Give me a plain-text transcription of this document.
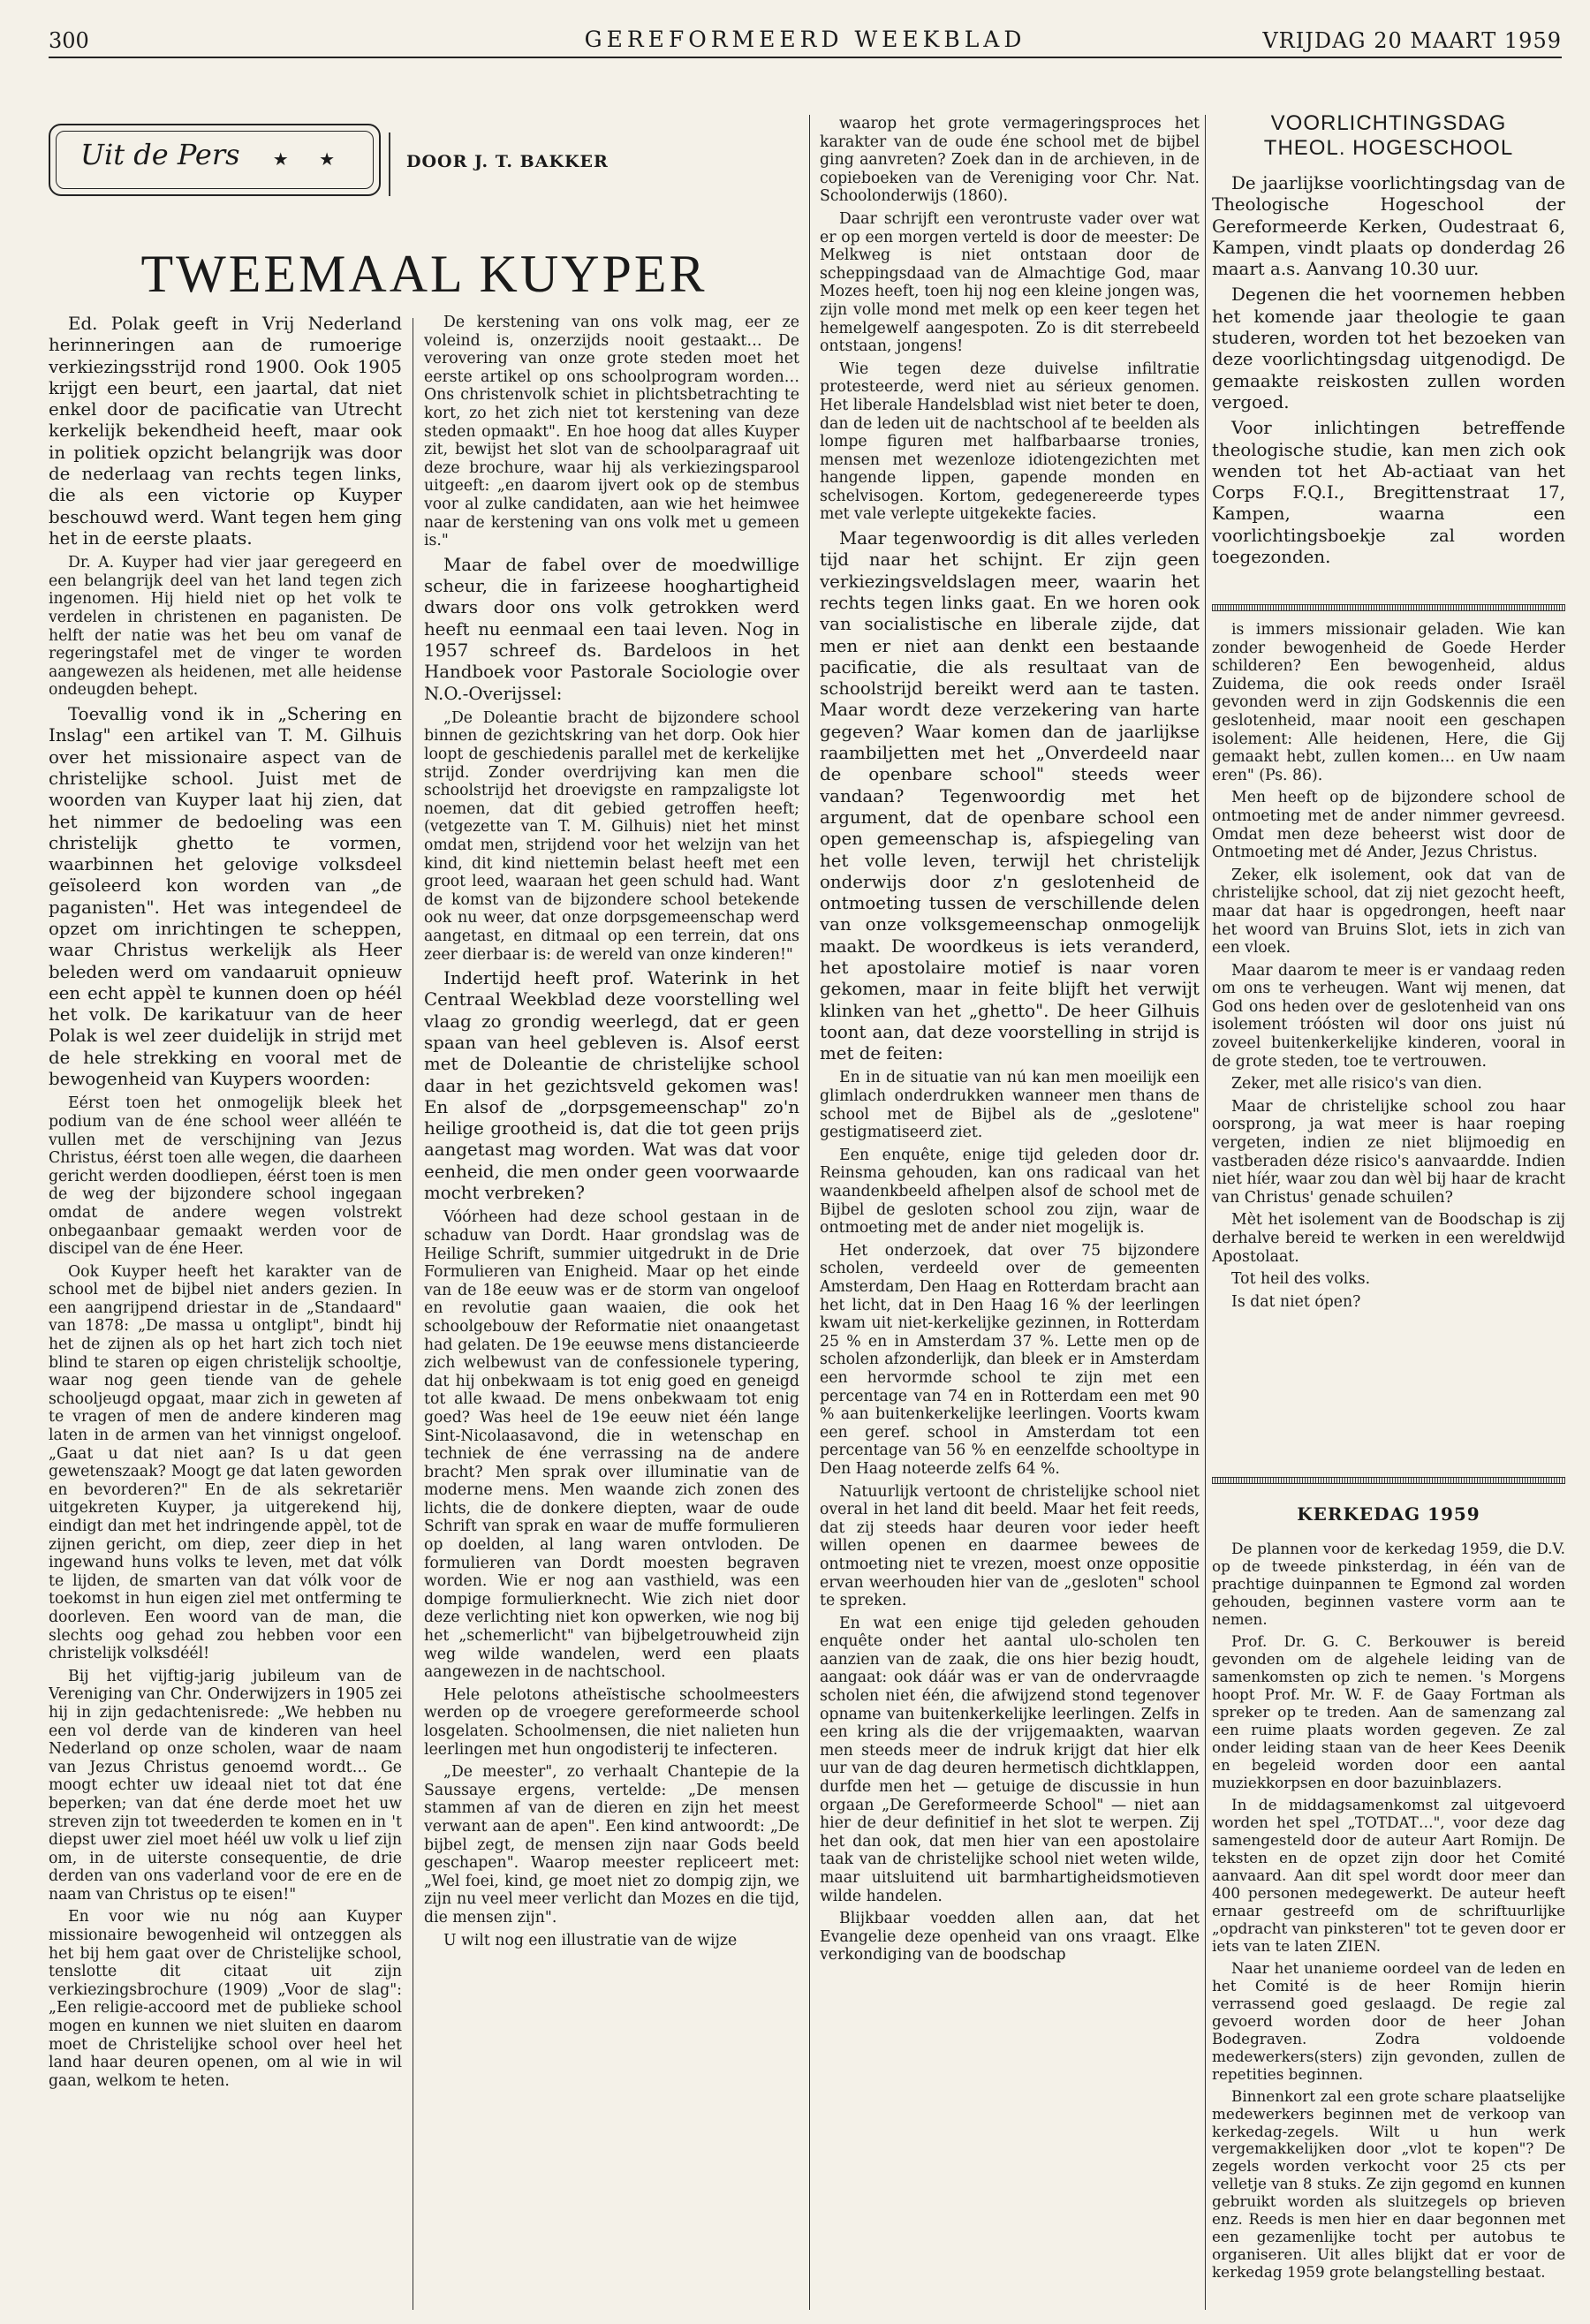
300	GEREFORMEERD WEEKBLAD	VRIJDAG 20 MAART 1959
Uit de Pers ★ ★	DOOR J. T. BAKKER
TWEEMAAL KUYPER

Ed. Polak geeft in Vrij Nederland herinneringen aan de rumoerige verkiezingsstrijd rond 1900. Ook 1905 krijgt een beurt, een jaartal, dat niet enkel door de pacificatie van Utrecht kerkelijk bekendheid heeft, maar ook in politiek opzicht belangrijk was door de nederlaag van rechts tegen links, die als een victorie op Kuyper beschouwd werd. Want tegen hem ging het in de eerste plaats.

Dr. A. Kuyper had vier jaar geregeerd en een belangrijk deel van het land tegen zich ingenomen. Hij hield niet op het volk te verdelen in christenen en paganisten. De helft der natie was het beu om vanaf de regeringstafel met de vinger te worden aangewezen als heidenen, met alle heidense ondeugden behept.

Toevallig vond ik in „Schering en Inslag" een artikel van T. M. Gilhuis over het missionaire aspect van de christelijke school. Juist met de woorden van Kuyper laat hij zien, dat het nimmer de bedoeling was een christelijk ghetto te vormen, waarbinnen het gelovige volksdeel geïsoleerd kon worden van „de paganisten". Het was integendeel de opzet om inrichtingen te scheppen, waar Christus werkelijk als Heer beleden werd om vandaaruit opnieuw een echt appèl te kunnen doen op héél het volk. De karikatuur van de heer Polak is wel zeer duidelijk in strijd met de hele strekking en vooral met de bewogenheid van Kuypers woorden:

Eérst toen het onmogelijk bleek het podium van de éne school weer alléén te vullen met de verschijning van Jezus Christus, éérst toen alle wegen, die daarheen gericht werden doodliepen, éérst toen is men de weg der bijzondere school ingegaan omdat de andere wegen volstrekt onbegaanbaar gemaakt werden voor de discipel van de éne Heer.

Ook Kuyper heeft het karakter van de school met de bijbel niet anders gezien. In een aangrijpend driestar in de „Standaard" van 1878: „De massa u ontglipt", bindt hij het de zijnen als op het hart zich toch niet blind te staren op eigen christelijk schooltje, waar nog geen tiende van de gehele schooljeugd opgaat, maar zich in geweten af te vragen of men de andere kinderen mag laten in de armen van het vinnigst ongeloof. „Gaat u dat niet aan? Is u dat geen gewetenszaak? Moogt ge dat laten geworden en bevorderen?" En de als sekretariër uitgekreten Kuyper, ja uitgerekend hij, eindigt dan met het indringende appèl, tot de zijnen gericht, om diep, zeer diep in het ingewand huns volks te leven, met dat vólk te lijden, de smarten van dat vólk voor de toekomst in hun eigen ziel met ontferming te doorleven. Een woord van de man, die slechts oog gehad zou hebben voor een christelijk volksdéél!

Bij het vijftig-jarig jubileum van de Vereniging van Chr. Onderwijzers in 1905 zei hij in zijn gedachtenisrede: „We hebben nu een vol derde van de kinderen van heel Nederland op onze scholen, waar de naam van Jezus Christus genoemd wordt… Ge moogt echter uw ideaal niet tot dat éne beperken; van dat éne derde moet het uw streven zijn tot tweederden te komen en in 't diepst uwer ziel moet héél uw volk u lief zijn om, in de uiterste consequentie, de drie derden van ons vaderland voor de ere en de naam van Christus op te eisen!"

En voor wie nu nóg aan Kuyper missionaire bewogenheid wil ontzeggen als het bij hem gaat over de Christelijke school, tenslotte dit citaat uit zijn verkiezingsbrochure (1909) „Voor de slag": „Een religie-accoord met de publieke school mogen en kunnen we niet sluiten en daarom moet de Christelijke school over heel het land haar deuren openen, om al wie in wil gaan, welkom te heten.

De kerstening van ons volk mag, eer ze voleind is, onzerzijds nooit gestaakt… De verovering van onze grote steden moet het eerste artikel op ons schoolprogram worden… Ons christenvolk schiet in plichtsbetrachting te kort, zo het zich niet tot kerstening van deze steden opmaakt". En hoe hoog dat alles Kuyper zit, bewijst het slot van de schoolparagraaf uit deze brochure, waar hij als verkiezingsparool uitgeeft: „en daarom ijvert ook op de stembus voor al zulke candidaten, aan wie het heimwee naar de kerstening van ons volk met u gemeen is."

Maar de fabel over de moedwillige scheur, die in farizeese hooghartigheid dwars door ons volk getrokken werd heeft nu eenmaal een taai leven. Nog in 1957 schreef ds. Bardeloos in het Handboek voor Pastorale Sociologie over N.O.-Overijssel:

„De Doleantie bracht de bijzondere school binnen de gezichtskring van het dorp. Ook hier loopt de geschiedenis parallel met de kerkelijke strijd. Zonder overdrijving kan men die schoolstrijd het droevigste en rampzaligste lot noemen, dat dit gebied getroffen heeft; (vetgezette van T. M. Gilhuis) niet het minst omdat men, strijdend voor het welzijn van het kind, dit kind niettemin belast heeft met een groot leed, waaraan het geen schuld had. Want de komst van de bijzondere school betekende ook nu weer, dat onze dorpsgemeenschap werd aangetast, en ditmaal op een terrein, dat ons zeer dierbaar is: de wereld van onze kinderen!"

Indertijd heeft prof. Waterink in het Centraal Weekblad deze voorstelling wel vlaag zo grondig weerlegd, dat er geen spaan van heel gebleven is. Alsof eerst met de Doleantie de christelijke school daar in het gezichtsveld gekomen was! En alsof de „dorpsgemeenschap" zo'n heilige grootheid is, dat die tot geen prijs aangetast mag worden. Wat was dat voor eenheid, die men onder geen voorwaarde mocht verbreken?

Vóórheen had deze school gestaan in de schaduw van Dordt. Haar grondslag was de Heilige Schrift, summier uitgedrukt in de Drie Formulieren van Enigheid. Maar op het einde van de 18e eeuw was er de storm van ongeloof en revolutie gaan waaien, die ook het schoolgebouw der Reformatie niet onaangetast had gelaten. De 19e eeuwse mens distancieerde zich welbewust van de confessionele typering, dat hij onbekwaam is tot enig goed en geneigd tot alle kwaad. De mens onbekwaam tot enig goed? Was heel de 19e eeuw niet één lange Sint-Nicolaasavond, die in wetenschap en techniek de éne verrassing na de andere bracht? Men sprak over illuminatie van de moderne mens. Men waande zich zonen des lichts, die de donkere diepten, waar de oude Schrift van sprak en waar de muffe formulieren op doelden, al lang waren ontvloden. De formulieren van Dordt moesten begraven worden. Wie er nog aan vasthield, was een dompige formulierknecht. Wie zich niet door deze verlichting niet kon opwerken, wie nog bij het „schemerlicht" van bijbelgetrouwheid zijn weg wilde wandelen, werd een plaats aangewezen in de nachtschool.

Hele pelotons atheïstische schoolmeesters werden op de vroegere gereformeerde school losgelaten. Schoolmensen, die niet nalieten hun leerlingen met hun ongodisterij te infecteren.

„De meester", zo verhaalt Chantepie de la Saussaye ergens, vertelde: „De mensen stammen af van de dieren en zijn het meest verwant aan de apen". Een kind antwoordt: „De bijbel zegt, de mensen zijn naar Gods beeld geschapen". Waarop meester repliceert met: „Wel foei, kind, ge moet niet zo dompig zijn, we zijn nu veel meer verlicht dan Mozes en die tijd, die mensen zijn".

U wilt nog een illustratie van de wijze

waarop het grote vermageringsproces het karakter van de oude éne school met de bijbel ging aanvreten? Zoek dan in de archieven, in de copieboeken van de Vereniging voor Chr. Nat. Schoolonderwijs (1860).

Daar schrijft een verontruste vader over wat er op een morgen verteld is door de meester: De Melkweg is niet ontstaan door de scheppingsdaad van de Almachtige God, maar Mozes heeft, toen hij nog een kleine jongen was, zijn volle mond met melk op een keer tegen het hemelgewelf aangespoten. Zo is dit sterrebeeld ontstaan, jongens!

Wie tegen deze duivelse infiltratie protesteerde, werd niet au sérieux genomen. Het liberale Handelsblad wist niet beter te doen, dan de leden uit de nachtschool af te beelden als lompe figuren met halfbarbaarse tronies, mensen met wezenloze idiotengezichten met hangende lippen, gapende monden en schelvisogen. Kortom, gedegenereerde types met vale verlepte uitgekekte facies.

Maar tegenwoordig is dit alles verleden tijd naar het schijnt. Er zijn geen verkiezingsveldslagen meer, waarin het rechts tegen links gaat. En we horen ook van socialistische en liberale zijde, dat men er niet aan denkt een bestaande pacificatie, die als resultaat van de schoolstrijd bereikt werd aan te tasten. Maar wordt deze verzekering van harte gegeven? Waar komen dan de jaarlijkse raambiljetten met het „Onverdeeld naar de openbare school" steeds weer vandaan? Tegenwoordig met het argument, dat de openbare school een open gemeenschap is, afspiegeling van het volle leven, terwijl het christelijk onderwijs door z'n geslotenheid de ontmoeting tussen de verschillende delen van onze volksgemeenschap onmogelijk maakt. De woordkeus is iets veranderd, het apostolaire motief is naar voren gekomen, maar in feite blijft het verwijt klinken van het „ghetto". De heer Gilhuis toont aan, dat deze voorstelling in strijd is met de feiten:

En in de situatie van nú kan men moeilijk een glimlach onderdrukken wanneer men thans de school met de Bijbel als de „geslotene" gestigmatiseerd ziet.

Een enquête, enige tijd geleden door dr. Reinsma gehouden, kan ons radicaal van het waandenkbeeld afhelpen alsof de school met de Bijbel de gesloten school zou zijn, waar de ontmoeting met de ander niet mogelijk is.

Het onderzoek, dat over 75 bijzondere scholen, verdeeld over de gemeenten Amsterdam, Den Haag en Rotterdam bracht aan het licht, dat in Den Haag 16 % der leerlingen kwam uit niet-kerkelijke gezinnen, in Rotterdam 25 % en in Amsterdam 37 %. Lette men op de scholen afzonderlijk, dan bleek er in Amsterdam een hervormde school te zijn met een percentage van 74 en in Rotterdam een met 90 % aan buitenkerkelijke leerlingen. Voorts kwam een geref. school in Amsterdam tot een percentage van 56 % en eenzelfde schooltype in Den Haag noteerde zelfs 64 %.

Natuurlijk vertoont de christelijke school niet overal in het land dit beeld. Maar het feit reeds, dat zij steeds haar deuren voor ieder heeft willen openen en daarmee bewees de ontmoeting niet te vrezen, moest onze oppositie ervan weerhouden hier van de „gesloten" school te spreken.

En wat een enige tijd geleden gehouden enquête onder het aantal ulo-scholen ten aanzien van de zaak, die ons hier bezig houdt, aangaat: ook dáár was er van de ondervraagde scholen niet één, die afwijzend stond tegenover opname van buitenkerkelijke leerlingen. Zelfs in een kring als die der vrijgemaakten, waarvan men steeds meer de indruk krijgt dat hier elk uur van de dag deuren hermetisch dichtklappen, durfde men het — getuige de discussie in hun orgaan „De Gereformeerde School" — niet aan hier de deur definitief in het slot te werpen. Zij het dan ook, dat men hier van een apostolaire taak van de christelijke school niet weten wilde, maar uitsluitend uit barmhartigheidsmotieven wilde handelen.

Blijkbaar voedden allen aan, dat het Evangelie deze openheid van ons vraagt. Elke verkondiging van de boodschap

VOORLICHTINGSDAG
THEOL. HOGESCHOOL

De jaarlijkse voorlichtingsdag van de Theologische Hogeschool der Gereformeerde Kerken, Oudestraat 6, Kampen, vindt plaats op donderdag 26 maart a.s. Aanvang 10.30 uur.

Degenen die het voornemen hebben het komende jaar theologie te gaan studeren, worden tot het bezoeken van deze voorlichtingsdag uitgenodigd. De gemaakte reiskosten zullen worden vergoed.

Voor inlichtingen betreffende theologische studie, kan men zich ook wenden tot het Ab-actiaat van het Corps F.Q.I., Bregittenstraat 17, Kampen, waarna een voorlichtingsboekje zal worden toegezonden.

is immers missionair geladen. Wie kan zonder bewogenheid de Goede Herder schilderen? Een bewogenheid, aldus Zuidema, die ook reeds onder Israël gevonden werd in zijn Godskennis die een geslotenheid, maar nooit een geschapen isolement: Alle heidenen, Here, die Gij gemaakt hebt, zullen komen… en Uw naam eren" (Ps. 86).

Men heeft op de bijzondere school de ontmoeting met de ander nimmer gevreesd. Omdat men deze beheerst wist door de Ontmoeting met dé Ander, Jezus Christus.

Zeker, elk isolement, ook dat van de christelijke school, dat zij niet gezocht heeft, maar dat haar is opgedrongen, heeft naar het woord van Bruins Slot, iets in zich van een vloek.

Maar daarom te meer is er vandaag reden om ons te verheugen. Want wij menen, dat God ons heden over de geslotenheid van ons isolement tróósten wil door ons juist nú zoveel buitenkerkelijke kinderen, vooral in de grote steden, toe te vertrouwen.

Zeker, met alle risico's van dien.

Maar de christelijke school zou haar oorsprong, ja wat meer is haar roeping vergeten, indien ze niet blijmoedig en vastberaden déze risico's aanvaardde. Indien niet híér, waar zou dan wèl bij haar de kracht van Christus' genade schuilen?

Mèt het isolement van de Boodschap is zij derhalve bereid te werken in een wereldwijd Apostolaat.

Tot heil des volks.

Is dat niet ópen?

KERKEDAG 1959

De plannen voor de kerkedag 1959, die D.V. op de tweede pinksterdag, in één van de prachtige duinpannen te Egmond zal worden gehouden, beginnen vastere vorm aan te nemen.

Prof. Dr. G. C. Berkouwer is bereid gevonden om de algehele leiding van de samenkomsten op zich te nemen. 's Morgens hoopt Prof. Mr. W. F. de Gaay Fortman als spreker op te treden. Aan de samenzang zal een ruime plaats worden gegeven. Ze zal onder leiding staan van de heer Kees Deenik en begeleid worden door een aantal muziekkorpsen en door bazuinblazers.

In de middagsamenkomst zal uitgevoerd worden het spel „TOTDAT…", voor deze dag samengesteld door de auteur Aart Romijn. De teksten en de opzet zijn door het Comité aanvaard. Aan dit spel wordt door meer dan 400 personen medegewerkt. De auteur heeft ernaar gestreefd om de schriftuurlijke „opdracht van pinksteren" tot te geven door er iets van te laten ZIEN.

Naar het unanieme oordeel van de leden en het Comité is de heer Romijn hierin verrassend goed geslaagd. De regie zal gevoerd worden door de heer Johan Bodegraven. Zodra voldoende medewerkers(sters) zijn gevonden, zullen de repetities beginnen.

Binnenkort zal een grote schare plaatselijke medewerkers beginnen met de verkoop van kerkedag-zegels. Wilt u hun werk vergemakkelijken door „vlot te kopen"? De zegels worden verkocht voor 25 cts per velletje van 8 stuks. Ze zijn gegomd en kunnen gebruikt worden als sluitzegels op brieven enz. Reeds is men hier en daar begonnen met een gezamenlijke tocht per autobus te organiseren. Uit alles blijkt dat er voor de kerkedag 1959 grote belangstelling bestaat.
